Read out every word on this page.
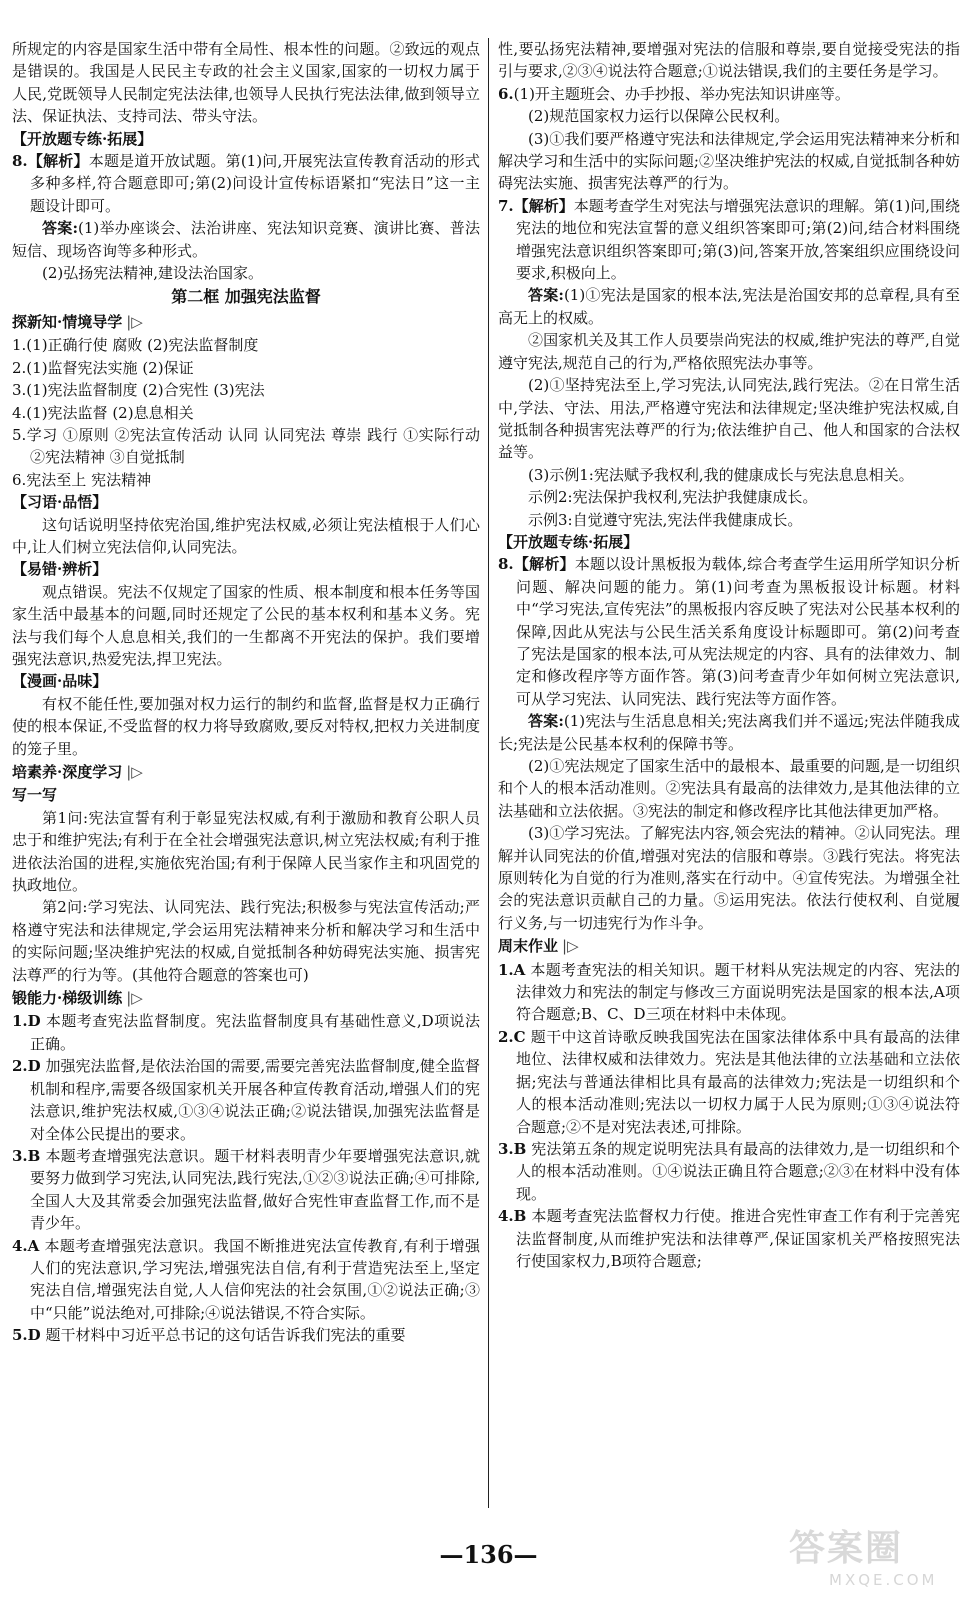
所规定的内容是国家生活中带有全局性、根本性的问题。②致远的观点是错误的。我国是人民民主专政的社会主义国家,国家的一切权力属于人民,党既领导人民制定宪法法律,也领导人民执行宪法法律,做到领导立法、保证执法、支持司法、带头守法。
【 开放题专练·拓展 】
8.【解析】本题是道开放试题。第(1)问,开展宪法宣传教育活动的形式多种多样,符合题意即可;第(2)问设计宣传标语紧扣“宪法日”这一主题设计即可。
答案:(1)举办座谈会、法治讲座、宪法知识竞赛、演讲比赛、普法短信、现场咨询等多种形式。
(2)弘扬宪法精神,建设法治国家。
第二框 加强宪法监督
探新知·情境导学 |▷
1.(1)正确行使 腐败 (2)宪法监督制度
2.(1)监督宪法实施 (2)保证
3.(1)宪法监督制度 (2)合宪性 (3)宪法
4.(1)宪法监督 (2)息息相关
5.学习 ①原则 ②宪法宣传活动 认同 认同宪法 尊崇 践行 ①实际行动 ②宪法精神 ③自觉抵制
6.宪法至上 宪法精神
【 习语·品悟 】
这句话说明坚持依宪治国,维护宪法权威,必须让宪法植根于人们心中,让人们树立宪法信仰,认同宪法。
【 易错·辨析 】
观点错误。宪法不仅规定了国家的性质、根本制度和根本任务等国家生活中最基本的问题,同时还规定了公民的基本权利和基本义务。宪法与我们每个人息息相关,我们的一生都离不开宪法的保护。我们要增强宪法意识,热爱宪法,捍卫宪法。
【 漫画·品味 】
有权不能任性,要加强对权力运行的制约和监督,监督是权力正确行使的根本保证,不受监督的权力将导致腐败,要反对特权,把权力关进制度的笼子里。
培素养·深度学习 |▷
写一写
第1问:宪法宣誓有利于彰显宪法权威,有利于激励和教育公职人员忠于和维护宪法;有利于在全社会增强宪法意识,树立宪法权威;有利于推进依法治国的进程,实施依宪治国;有利于保障人民当家作主和巩固党的执政地位。
第2问:学习宪法、认同宪法、践行宪法;积极参与宪法宣传活动;严格遵守宪法和法律规定,学会运用宪法精神来分析和解决学习和生活中的实际问题;坚决维护宪法的权威,自觉抵制各种妨碍宪法实施、损害宪法尊严的行为等。(其他符合题意的答案也可)
锻能力·梯级训练 |▷
1.D 本题考查宪法监督制度。宪法监督制度具有基础性意义,D项说法正确。
2.D 加强宪法监督,是依法治国的需要,需要完善宪法监督制度,健全监督机制和程序,需要各级国家机关开展各种宣传教育活动,增强人们的宪法意识,维护宪法权威,①③④说法正确;②说法错误,加强宪法监督是对全体公民提出的要求。
3.B 本题考查增强宪法意识。题干材料表明青少年要增强宪法意识,就要努力做到学习宪法,认同宪法,践行宪法,①②③说法正确;④可排除,全国人大及其常委会加强宪法监督,做好合宪性审查监督工作,而不是青少年。
4.A 本题考查增强宪法意识。我国不断推进宪法宣传教育,有利于增强人们的宪法意识,学习宪法,增强宪法自信,有利于营造宪法至上,坚定宪法自信,增强宪法自觉,人人信仰宪法的社会氛围,①②说法正确;③中“只能”说法绝对,可排除;④说法错误,不符合实际。
5.D 题干材料中习近平总书记的这句话告诉我们宪法的重要
性,要弘扬宪法精神,要增强对宪法的信服和尊崇,要自觉接受宪法的指引与要求,②③④说法符合题意;①说法错误,我们的主要任务是学习。
6.(1)开主题班会、办手抄报、举办宪法知识讲座等。
(2)规范国家权力运行以保障公民权利。
(3)①我们要严格遵守宪法和法律规定,学会运用宪法精神来分析和解决学习和生活中的实际问题;②坚决维护宪法的权威,自觉抵制各种妨碍宪法实施、损害宪法尊严的行为。
7.【解析】本题考查学生对宪法与增强宪法意识的理解。第(1)问,围绕宪法的地位和宪法宣誓的意义组织答案即可;第(2)问,结合材料围绕增强宪法意识组织答案即可;第(3)问,答案开放,答案组织应围绕设问要求,积极向上。
答案:(1)①宪法是国家的根本法,宪法是治国安邦的总章程,具有至高无上的权威。
②国家机关及其工作人员要崇尚宪法的权威,维护宪法的尊严,自觉遵守宪法,规范自己的行为,严格依照宪法办事等。
(2)①坚持宪法至上,学习宪法,认同宪法,践行宪法。②在日常生活中,学法、守法、用法,严格遵守宪法和法律规定;坚决维护宪法权威,自觉抵制各种损害宪法尊严的行为;依法维护自己、他人和国家的合法权益等。
(3)示例1:宪法赋予我权利,我的健康成长与宪法息息相关。
示例2:宪法保护我权利,宪法护我健康成长。
示例3:自觉遵守宪法,宪法伴我健康成长。
【 开放题专练·拓展 】
8.【解析】本题以设计黑板报为载体,综合考查学生运用所学知识分析问题、解决问题的能力。第(1)问考查为黑板报设计标题。材料中“学习宪法,宣传宪法”的黑板报内容反映了宪法对公民基本权利的保障,因此从宪法与公民生活关系角度设计标题即可。第(2)问考查了宪法是国家的根本法,可从宪法规定的内容、具有的法律效力、制定和修改程序等方面作答。第(3)问考查青少年如何树立宪法意识,可从学习宪法、认同宪法、践行宪法等方面作答。
答案:(1)宪法与生活息息相关;宪法离我们并不遥远;宪法伴随我成长;宪法是公民基本权利的保障书等。
(2)①宪法规定了国家生活中的最根本、最重要的问题,是一切组织和个人的根本活动准则。②宪法具有最高的法律效力,是其他法律的立法基础和立法依据。③宪法的制定和修改程序比其他法律更加严格。
(3)①学习宪法。了解宪法内容,领会宪法的精神。②认同宪法。理解并认同宪法的价值,增强对宪法的信服和尊崇。③践行宪法。将宪法原则转化为自觉的行为准则,落实在行动中。④宣传宪法。为增强全社会的宪法意识贡献自己的力量。⑤运用宪法。依法行使权利、自觉履行义务,与一切违宪行为作斗争。
周末作业 |▷
1.A 本题考查宪法的相关知识。题干材料从宪法规定的内容、宪法的法律效力和宪法的制定与修改三方面说明宪法是国家的根本法,A项符合题意;B、C、D三项在材料中未体现。
2.C 题干中这首诗歌反映我国宪法在国家法律体系中具有最高的法律地位、法律权威和法律效力。宪法是其他法律的立法基础和立法依据;宪法与普通法律相比具有最高的法律效力;宪法是一切组织和个人的根本活动准则;宪法以一切权力属于人民为原则;①③④说法符合题意;②不是对宪法表述,可排除。
3.B 宪法第五条的规定说明宪法具有最高的法律效力,是一切组织和个人的根本活动准则。①④说法正确且符合题意;②③在材料中没有体现。
4.B 本题考查宪法监督权力行使。推进合宪性审查工作有利于完善宪法监督制度,从而维护宪法和法律尊严,保证国家机关严格按照宪法行使国家权力,B项符合题意;
—136—	答案圈
MXQE.COM
